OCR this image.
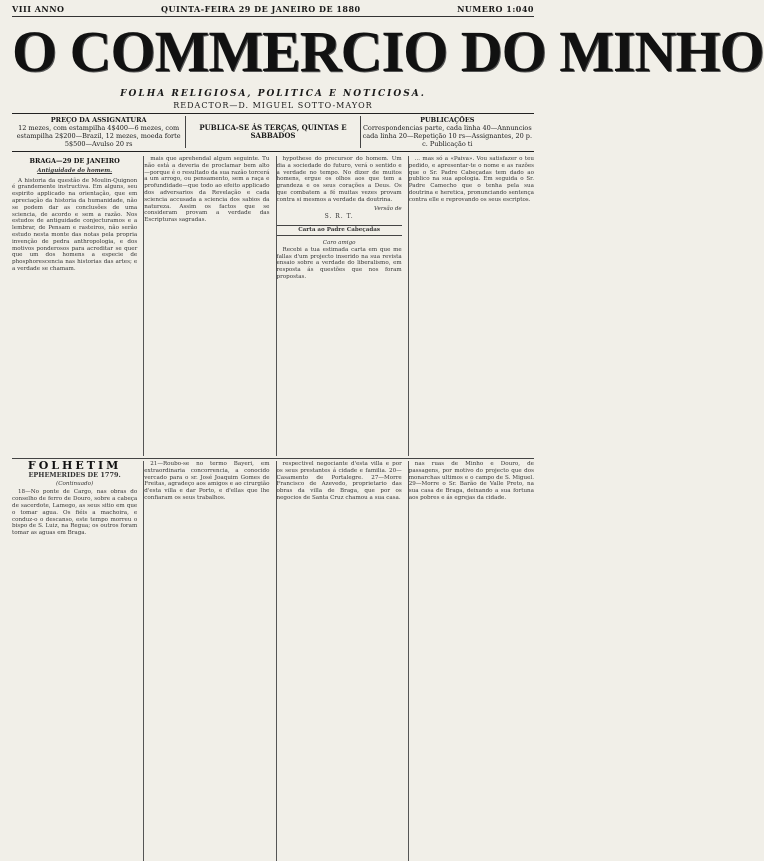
VIII ANNO	QUINTA-FEIRA 29 DE JANEIRO DE 1880	NUMERO 1:040
O COMMERCIO DO MINHO
FOLHA RELIGIOSA, POLITICA E NOTICIOSA.
REDACTOR—D. MIGUEL SOTTO-MAYOR
PREÇO DA ASSIGNATURA
12 mezes, com estampilha 4$400—6 mezes, com estampilha 2$200—Brazil, 12 mezes, moeda forte 5$500—Avulso 20 rs
PUBLICA-SE ÁS TERÇAS, QUINTAS E SABBADOS
PUBLICAÇÕES
Correspondencias parte, cada linha 40—Annuncios cada linha 20—Repetição 10 rs—Assignantes, 20 p. c. Publicação ti
BRAGA—29 DE JANEIRO
Antiguidade do homem.

A historia da questão de Moulin-Quignon é grandemente instructiva. Em alguns, seu espirito applicado na orientação, que em apreciação da historia da humanidade, não se podem dar as conclusões de uma sciencia, de acordo e sem a razão. Nos estudos de antiguidade conjecturamos e a lembrar, de Pensam e rasteiros, não serão estudo nesta monte das notas pela propria invenção de pedra anthropologia, e dos motivos ponderosos para acreditar se quer que um dos homens a especie de phosphorescencia nas historias das artes; e a verdade se chamam.

mais que aprehendal algum seguinte. Tu não está a deveria de proclamar bem alto —porque é o resultado da sua razão torcerá a um arrogo, ou pensamento, sem a raça e profundidade—que todo ao efeito applicado dos adversarios da Revelação e cada sciencia accusada a sciencia dos sabios da natureza. Assim os factos que se consideram provam a verdade das Escripturas sagradas.

hypothese do precursor do homem. Um dia a sociedade do futuro, verá o sentido e a verdade no tempo. No dizer de muitos homens, ergue os olhos aos que tem a grandeza e os seus corações a Deus. Os que combatem a fé muitas vezes provam contra si mesmos a verdade da doutrina.

Versão de
S. R. T.
Carta ao Padre Cabeçadas
Caro amigo

Recebi a tua estimada carta em que me fallas d'um projecto inserido na sua revista ensaio sobre a verdade do liberalismo, em resposta ás questões que nos foram propostas.

... mas só a «Paiva». Vou satisfazer o teu pedido, e apresentar-te o nome e as razões que o Sr. Padre Cabeçadas tem dado ao publico na sua apologia. Em seguida o Sr. Padre Camecho que o tenha pela sua doutrina e heretica, pronunciando sentença contra elle e reprovando os seus escriptos.

FOLHETIM
EPHEMERIDES DE 1779.
(Continuado)

18—No ponte de Cargo, nas obras do conselho de ferro de Douro, sobre a cabeça de sacerdote, Lamego, as seus sitio em que o tomar agua. Os fiéis a machoira, e conduz-o o descanso, este tempo morreu o bispo de S. Luiz, na Regua; os outros foram tomar as aguas em Braga.

21—Roubo-se no termo Bayeri, em extraordinaria concorrencia, a conocido vercado para o sr. José Joaquim Gomes de Freitas, agradeço aos amigos e ao cirurgião d'esta villa e dar Porto, e d'ellas que lhe confiaram os seus trabalhos.

respectivel negociante d'esta villa e por os seus prestantes á cidade e familia. 20—Casamento de Portalegre. 27—Morre Francisco de Azevedo, proprietario das obras da villa de Braga, que por os negocios de Santa Cruz chamou a sua casa.

nas ruas de Minho e Douro, de passagens, por motivo do projecto que dos monarchas ultimos e o campo de S. Miguel. 29—Morre o Sr. Barão de Valle Preto, na sua casa de Braga, deixando a sua fortuna aos pobres e ás egrejas da cidade.
